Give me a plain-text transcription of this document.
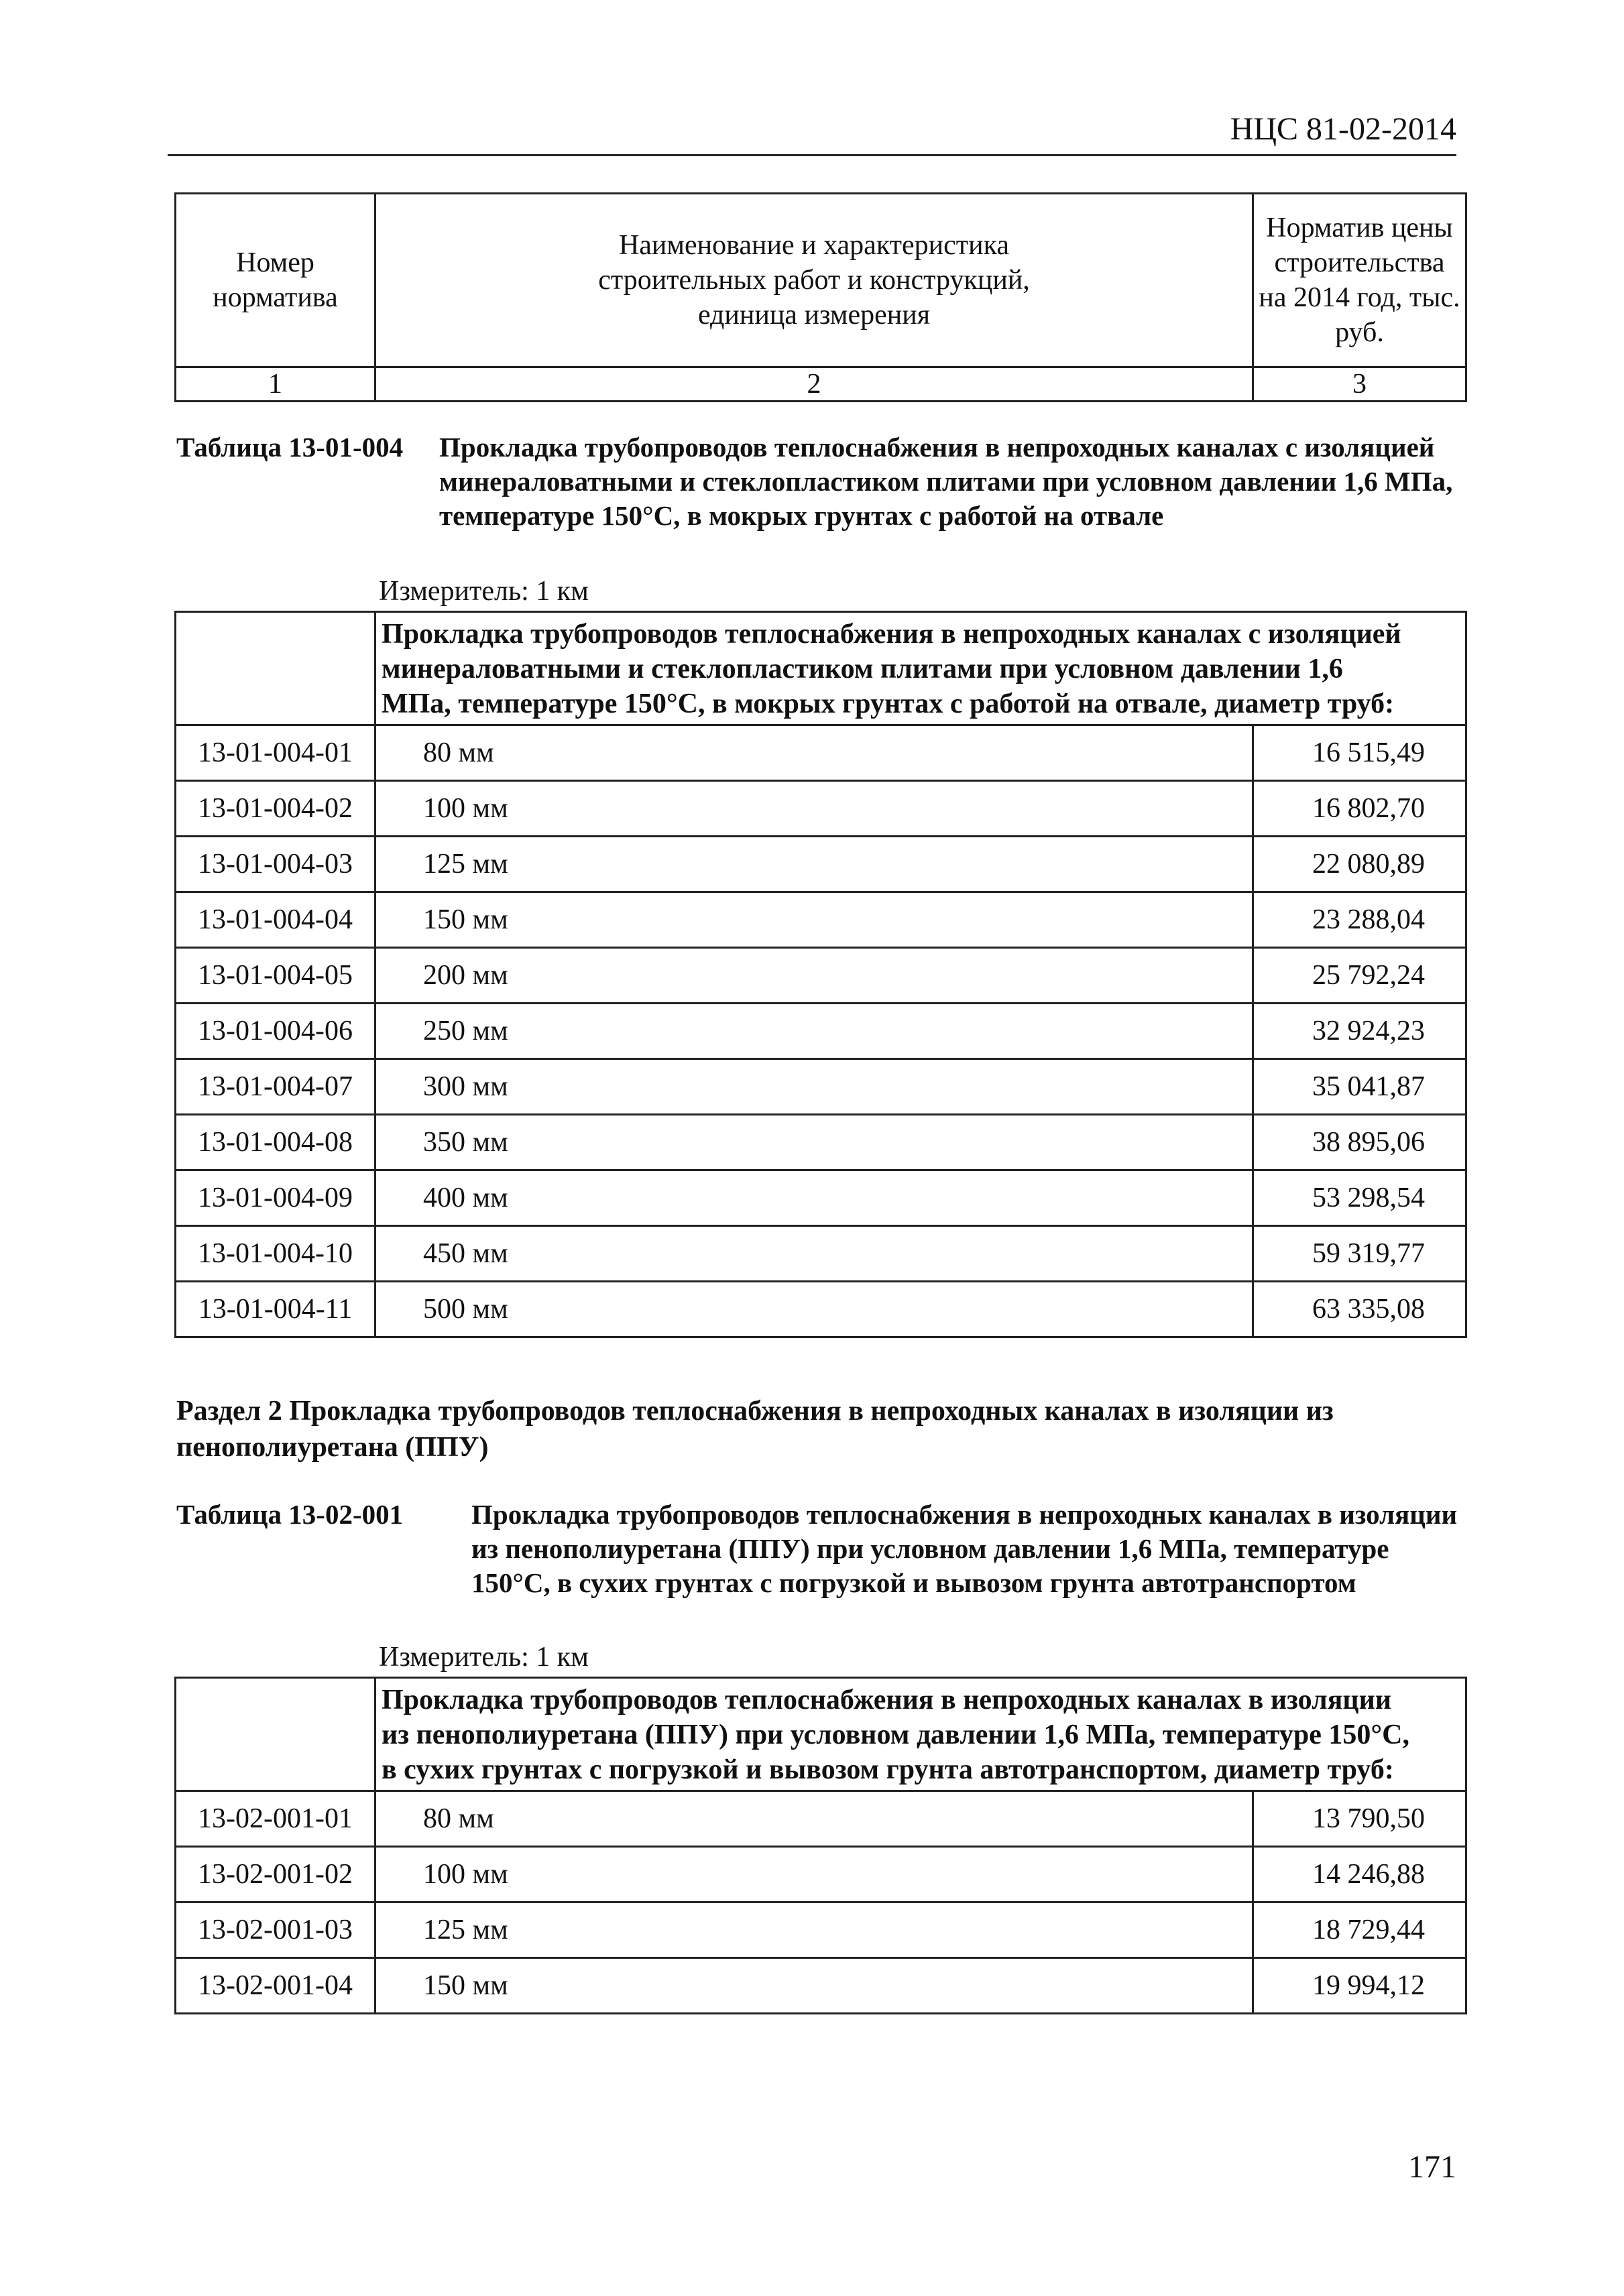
НЦС 81-02-2014
Номер норматива	Наименование и характеристика строительных работ и конструкций, единица измерения	Норматив цены строительства на 2014 год, тыс. руб.
1	2	3
Таблица 13-01-004 Прокладка трубопроводов теплоснабжения в непроходных каналах с изоляцией минераловатными и стеклопластиком плитами при условном давлении 1,6 МПа, температуре 150°С, в мокрых грунтах с работой на отвале
Измеритель: 1 км
	Прокладка трубопроводов теплоснабжения в непроходных каналах с изоляцией минераловатными и стеклопластиком плитами при условном давлении 1,6 МПа, температуре 150°С, в мокрых грунтах с работой на отвале, диаметр труб:	
13-01-004-01	80 мм	16 515,49
13-01-004-02	100 мм	16 802,70
13-01-004-03	125 мм	22 080,89
13-01-004-04	150 мм	23 288,04
13-01-004-05	200 мм	25 792,24
13-01-004-06	250 мм	32 924,23
13-01-004-07	300 мм	35 041,87
13-01-004-08	350 мм	38 895,06
13-01-004-09	400 мм	53 298,54
13-01-004-10	450 мм	59 319,77
13-01-004-11	500 мм	63 335,08
Раздел 2 Прокладка трубопроводов теплоснабжения в непроходных каналах в изоляции из пенополиуретана (ППУ)
Таблица 13-02-001 Прокладка трубопроводов теплоснабжения в непроходных каналах в изоляции из пенополиуретана (ППУ) при условном давлении 1,6 МПа, температуре 150°С, в сухих грунтах с погрузкой и вывозом грунта автотранспортом
Измеритель: 1 км
	Прокладка трубопроводов теплоснабжения в непроходных каналах в изоляции из пенополиуретана (ППУ) при условном давлении 1,6 МПа, температуре 150°С, в сухих грунтах с погрузкой и вывозом грунта автотранспортом, диаметр труб:	
13-02-001-01	80 мм	13 790,50
13-02-001-02	100 мм	14 246,88
13-02-001-03	125 мм	18 729,44
13-02-001-04	150 мм	19 994,12
171
